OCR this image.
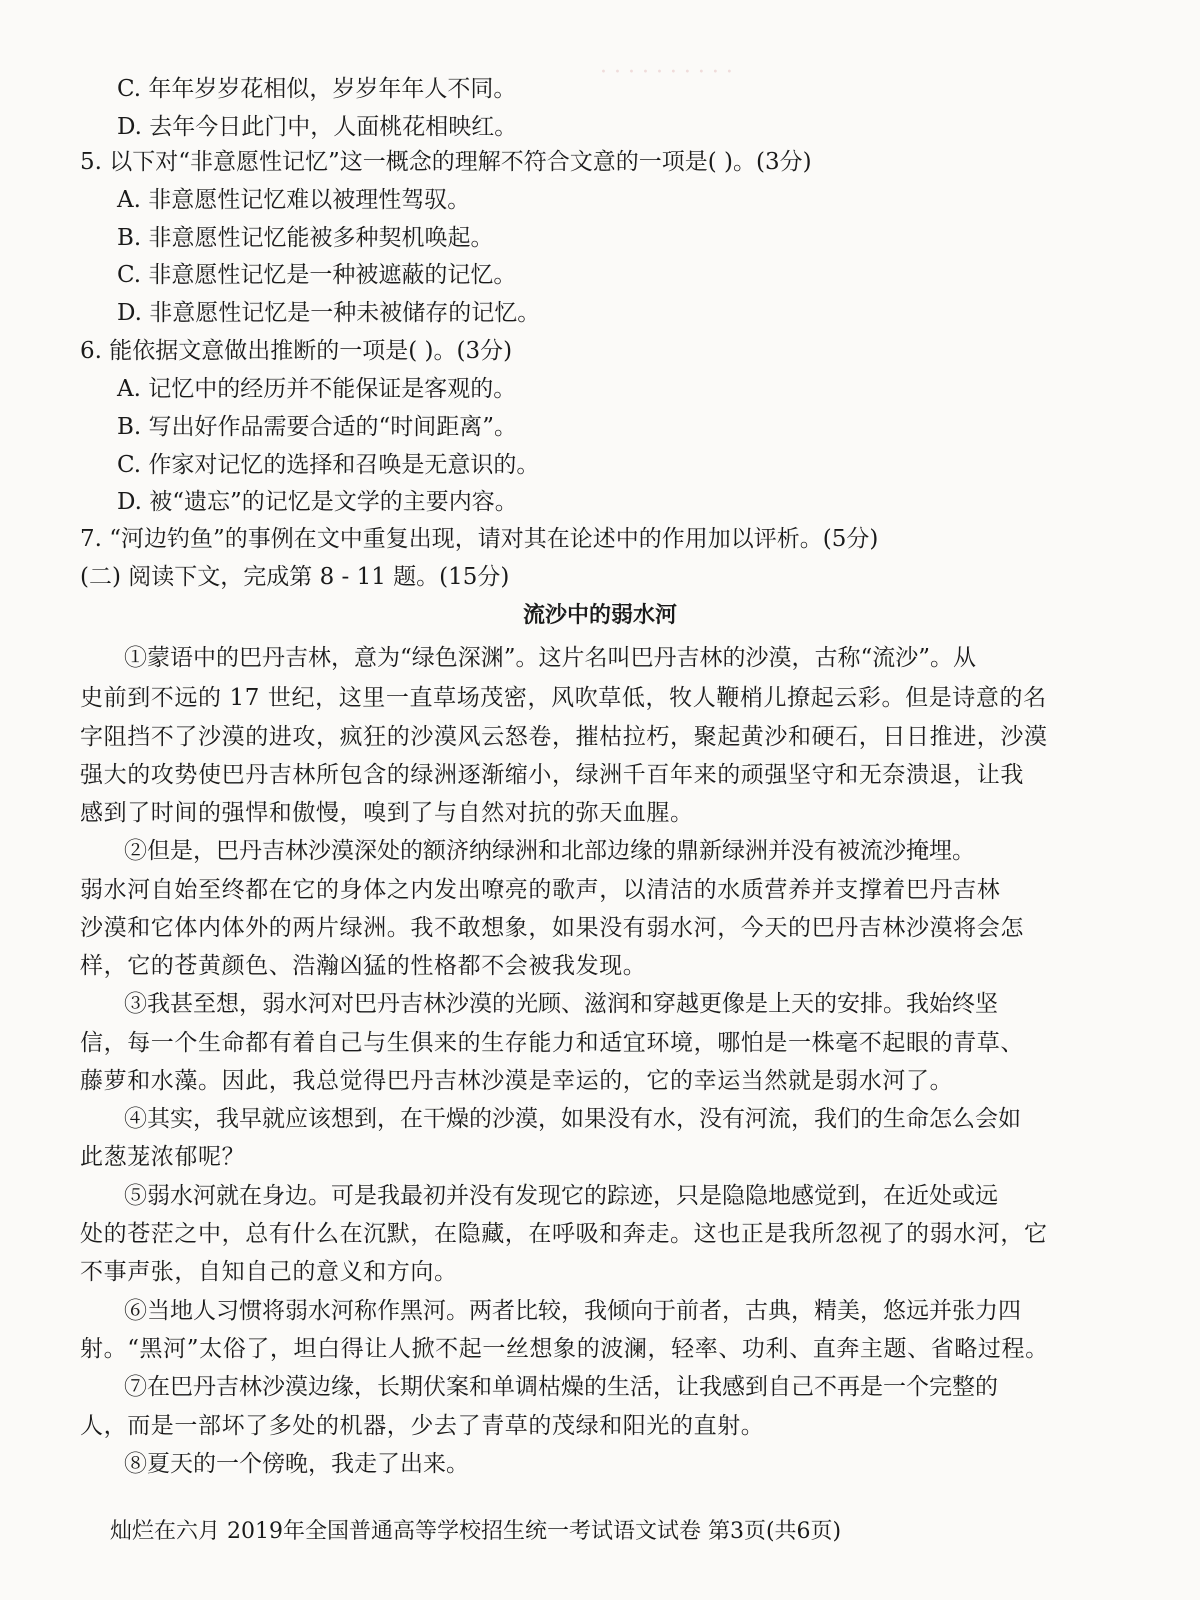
· · · · · · · · · ·
C. 年年岁岁花相似，岁岁年年人不同。
D. 去年今日此门中，人面桃花相映红。
5. 以下对“非意愿性记忆”这一概念的理解不符合文意的一项是( )。(3分)
A. 非意愿性记忆难以被理性驾驭。
B. 非意愿性记忆能被多种契机唤起。
C. 非意愿性记忆是一种被遮蔽的记忆。
D. 非意愿性记忆是一种未被储存的记忆。
6. 能依据文意做出推断的一项是( )。(3分)
A. 记忆中的经历并不能保证是客观的。
B. 写出好作品需要合适的“时间距离”。
C. 作家对记忆的选择和召唤是无意识的。
D. 被“遗忘”的记忆是文学的主要内容。
7. “河边钓鱼”的事例在文中重复出现，请对其在论述中的作用加以评析。(5分)
(二) 阅读下文，完成第 8 - 11 题。(15分)
流沙中的弱水河
①蒙语中的巴丹吉林，意为“绿色深渊”。这片名叫巴丹吉林的沙漠，古称“流沙”。从
史前到不远的 17 世纪，这里一直草场茂密，风吹草低，牧人鞭梢儿撩起云彩。但是诗意的名
字阻挡不了沙漠的进攻，疯狂的沙漠风云怒卷，摧枯拉朽，聚起黄沙和硬石，日日推进，沙漠
强大的攻势使巴丹吉林所包含的绿洲逐渐缩小，绿洲千百年来的顽强坚守和无奈溃退，让我
感到了时间的强悍和傲慢，嗅到了与自然对抗的弥天血腥。
②但是，巴丹吉林沙漠深处的额济纳绿洲和北部边缘的鼎新绿洲并没有被流沙掩埋。
弱水河自始至终都在它的身体之内发出嘹亮的歌声，以清洁的水质营养并支撑着巴丹吉林
沙漠和它体内体外的两片绿洲。我不敢想象，如果没有弱水河，今天的巴丹吉林沙漠将会怎
样，它的苍黄颜色、浩瀚凶猛的性格都不会被我发现。
③我甚至想，弱水河对巴丹吉林沙漠的光顾、滋润和穿越更像是上天的安排。我始终坚
信，每一个生命都有着自己与生俱来的生存能力和适宜环境，哪怕是一株毫不起眼的青草、
藤萝和水藻。因此，我总觉得巴丹吉林沙漠是幸运的，它的幸运当然就是弱水河了。
④其实，我早就应该想到，在干燥的沙漠，如果没有水，没有河流，我们的生命怎么会如
此葱茏浓郁呢？
⑤弱水河就在身边。可是我最初并没有发现它的踪迹，只是隐隐地感觉到，在近处或远
处的苍茫之中，总有什么在沉默，在隐藏，在呼吸和奔走。这也正是我所忽视了的弱水河，它
不事声张，自知自己的意义和方向。
⑥当地人习惯将弱水河称作黑河。两者比较，我倾向于前者，古典，精美，悠远并张力四
射。“黑河”太俗了，坦白得让人掀不起一丝想象的波澜，轻率、功利、直奔主题、省略过程。
⑦在巴丹吉林沙漠边缘，长期伏案和单调枯燥的生活，让我感到自己不再是一个完整的
人，而是一部坏了多处的机器，少去了青草的茂绿和阳光的直射。
⑧夏天的一个傍晚，我走了出来。
灿烂在六月 2019年全国普通高等学校招生统一考试语文试卷 第3页(共6页)
